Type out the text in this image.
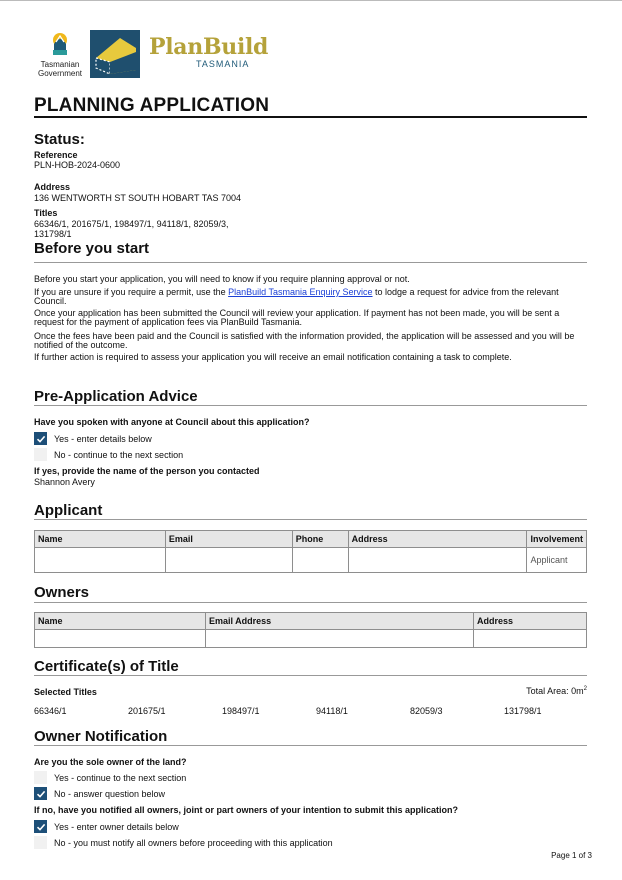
Tasmanian
Government
PlanBuild
TASMANIA
PLANNING APPLICATION
Status:
Reference
PLN-HOB-2024-0600
Address
136 WENTWORTH ST SOUTH HOBART TAS 7004
Titles
66346/1, 201675/1, 198497/1, 94118/1, 82059/3,
131798/1
Before you start
Before you start your application, you will need to know if you require planning approval or not.
If you are unsure if you require a permit, use the PlanBuild Tasmania Enquiry Service to lodge a request for advice from the relevant Council.
Once your application has been submitted the Council will review your application. If payment has not been made, you will be sent a request for the payment of application fees via PlanBuild Tasmania.
Once the fees have been paid and the Council is satisfied with the information provided, the application will be assessed and you will be notified of the outcome.
If further action is required to assess your application you will receive an email notification containing a task to complete.
Pre-Application Advice
Have you spoken with anyone at Council about this application?
Yes - enter details below
No - continue to the next section
If yes, provide the name of the person you contacted
Shannon Avery
Applicant
Name	Email	Phone	Address	Involvement
				Applicant
Owners
Name	Email Address	Address

Certificate(s) of Title
Selected Titles	Total Area: $0m^2$
66346/1	201675/1	198497/1	94118/1	82059/3	131798/1
Owner Notification
Are you the sole owner of the land?
Yes - continue to the next section
No - answer question below
If no, have you notified all owners, joint or part owners of your intention to submit this application?
Yes - enter owner details below
No - you must notify all owners before proceeding with this application
Page 1 of 3
